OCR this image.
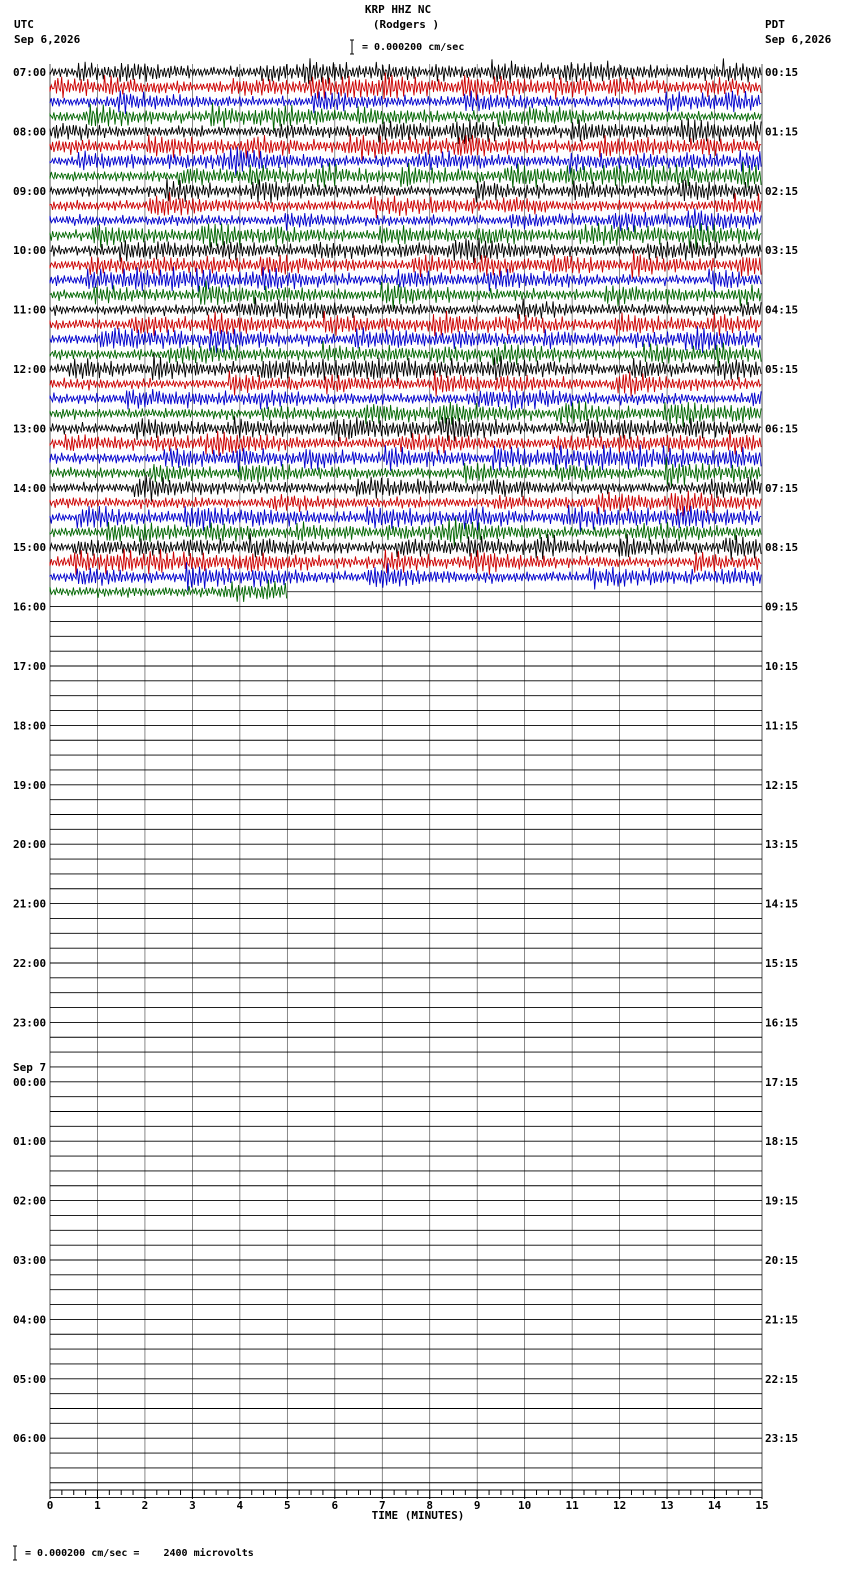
KRP HHZ NC
(Rodgers )
= 0.000200 cm/sec
UTC
Sep 6,2026
PDT
Sep 6,2026
= 0.000200 cm/sec =    2400 microvolts
TIME (MINUTES)
07:00
08:00
09:00
10:00
11:00
12:00
13:00
14:00
15:00
16:00
17:00
18:00
19:00
20:00
21:00
22:00
23:00
00:00
Sep 7
01:00
02:00
03:00
04:00
05:00
06:00
00:15
01:15
02:15
03:15
04:15
05:15
06:15
07:15
08:15
09:15
10:15
11:15
12:15
13:15
14:15
15:15
16:15
17:15
18:15
19:15
20:15
21:15
22:15
23:15
0	1	2	3	4	5	6	7	8	9	10	11	12	13	14	15
